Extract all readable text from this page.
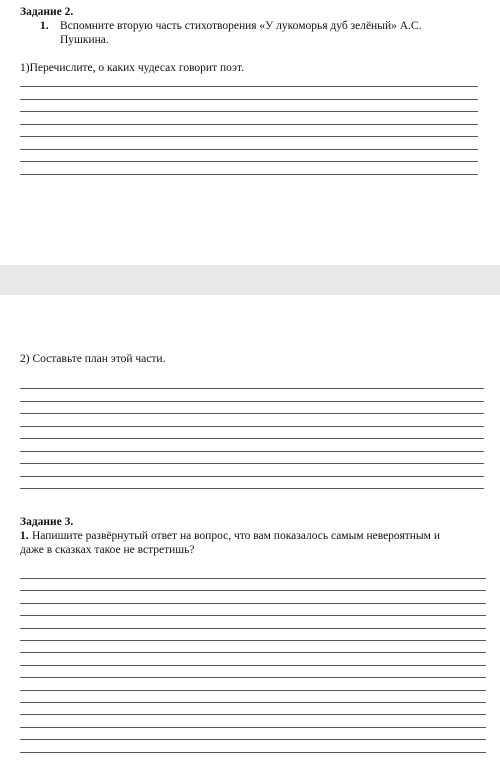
Задание 2.
1. Вспомните вторую часть стихотворения «У лукоморья дуб зелёный» А.С.
Пушкина.
1)Перечислите, о каких чудесах говорит поэт.
2) Составьте план этой части.
Задание 3.
1. Напишите развёрнутый ответ на вопрос, что вам показалось самым невероятным и
даже в сказках такое не встретишь?
